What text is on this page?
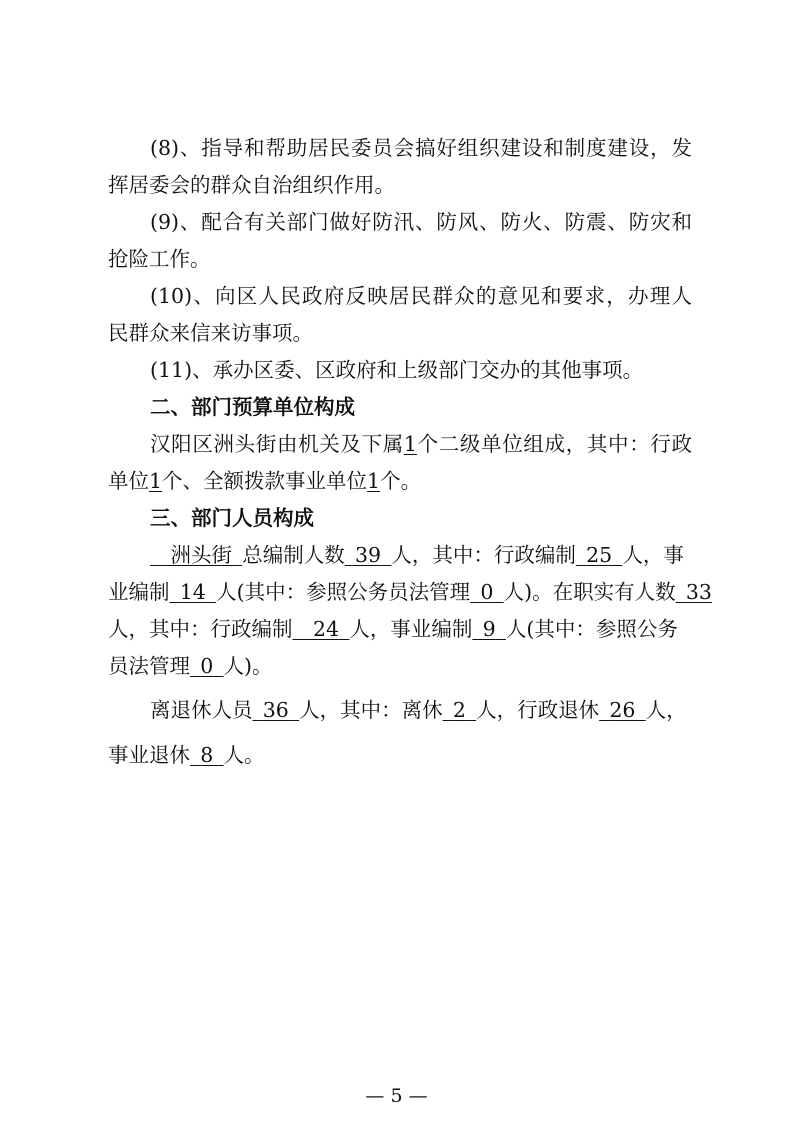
(8)、指导和帮助居民委员会搞好组织建设和制度建设，发
挥居委会的群众自治组织作用。
(9)、配合有关部门做好防汛、防风、防火、防震、防灾和
抢险工作。
(10)、向区人民政府反映居民群众的意见和要求，办理人
民群众来信来访事项。
(11)、承办区委、区政府和上级部门交办的其他事项。
二、部门预算单位构成
汉阳区洲头街由机关及下属1个二级单位组成，其中：行政
单位1个、全额拨款事业单位1个。
三、部门人员构成
 洲头街  总编制人数  39  人，其中：行政编制  25  人，事
业编制  14  人(其中：参照公务员法管理  0  人)。在职实有人数  33
人，其中：行政编制  24  人，事业编制  9  人(其中：参照公务
员法管理  0  人)。
离退休人员  36  人，其中：离休  2  人，行政退休  26  人，
事业退休  8  人。
— 5 —
